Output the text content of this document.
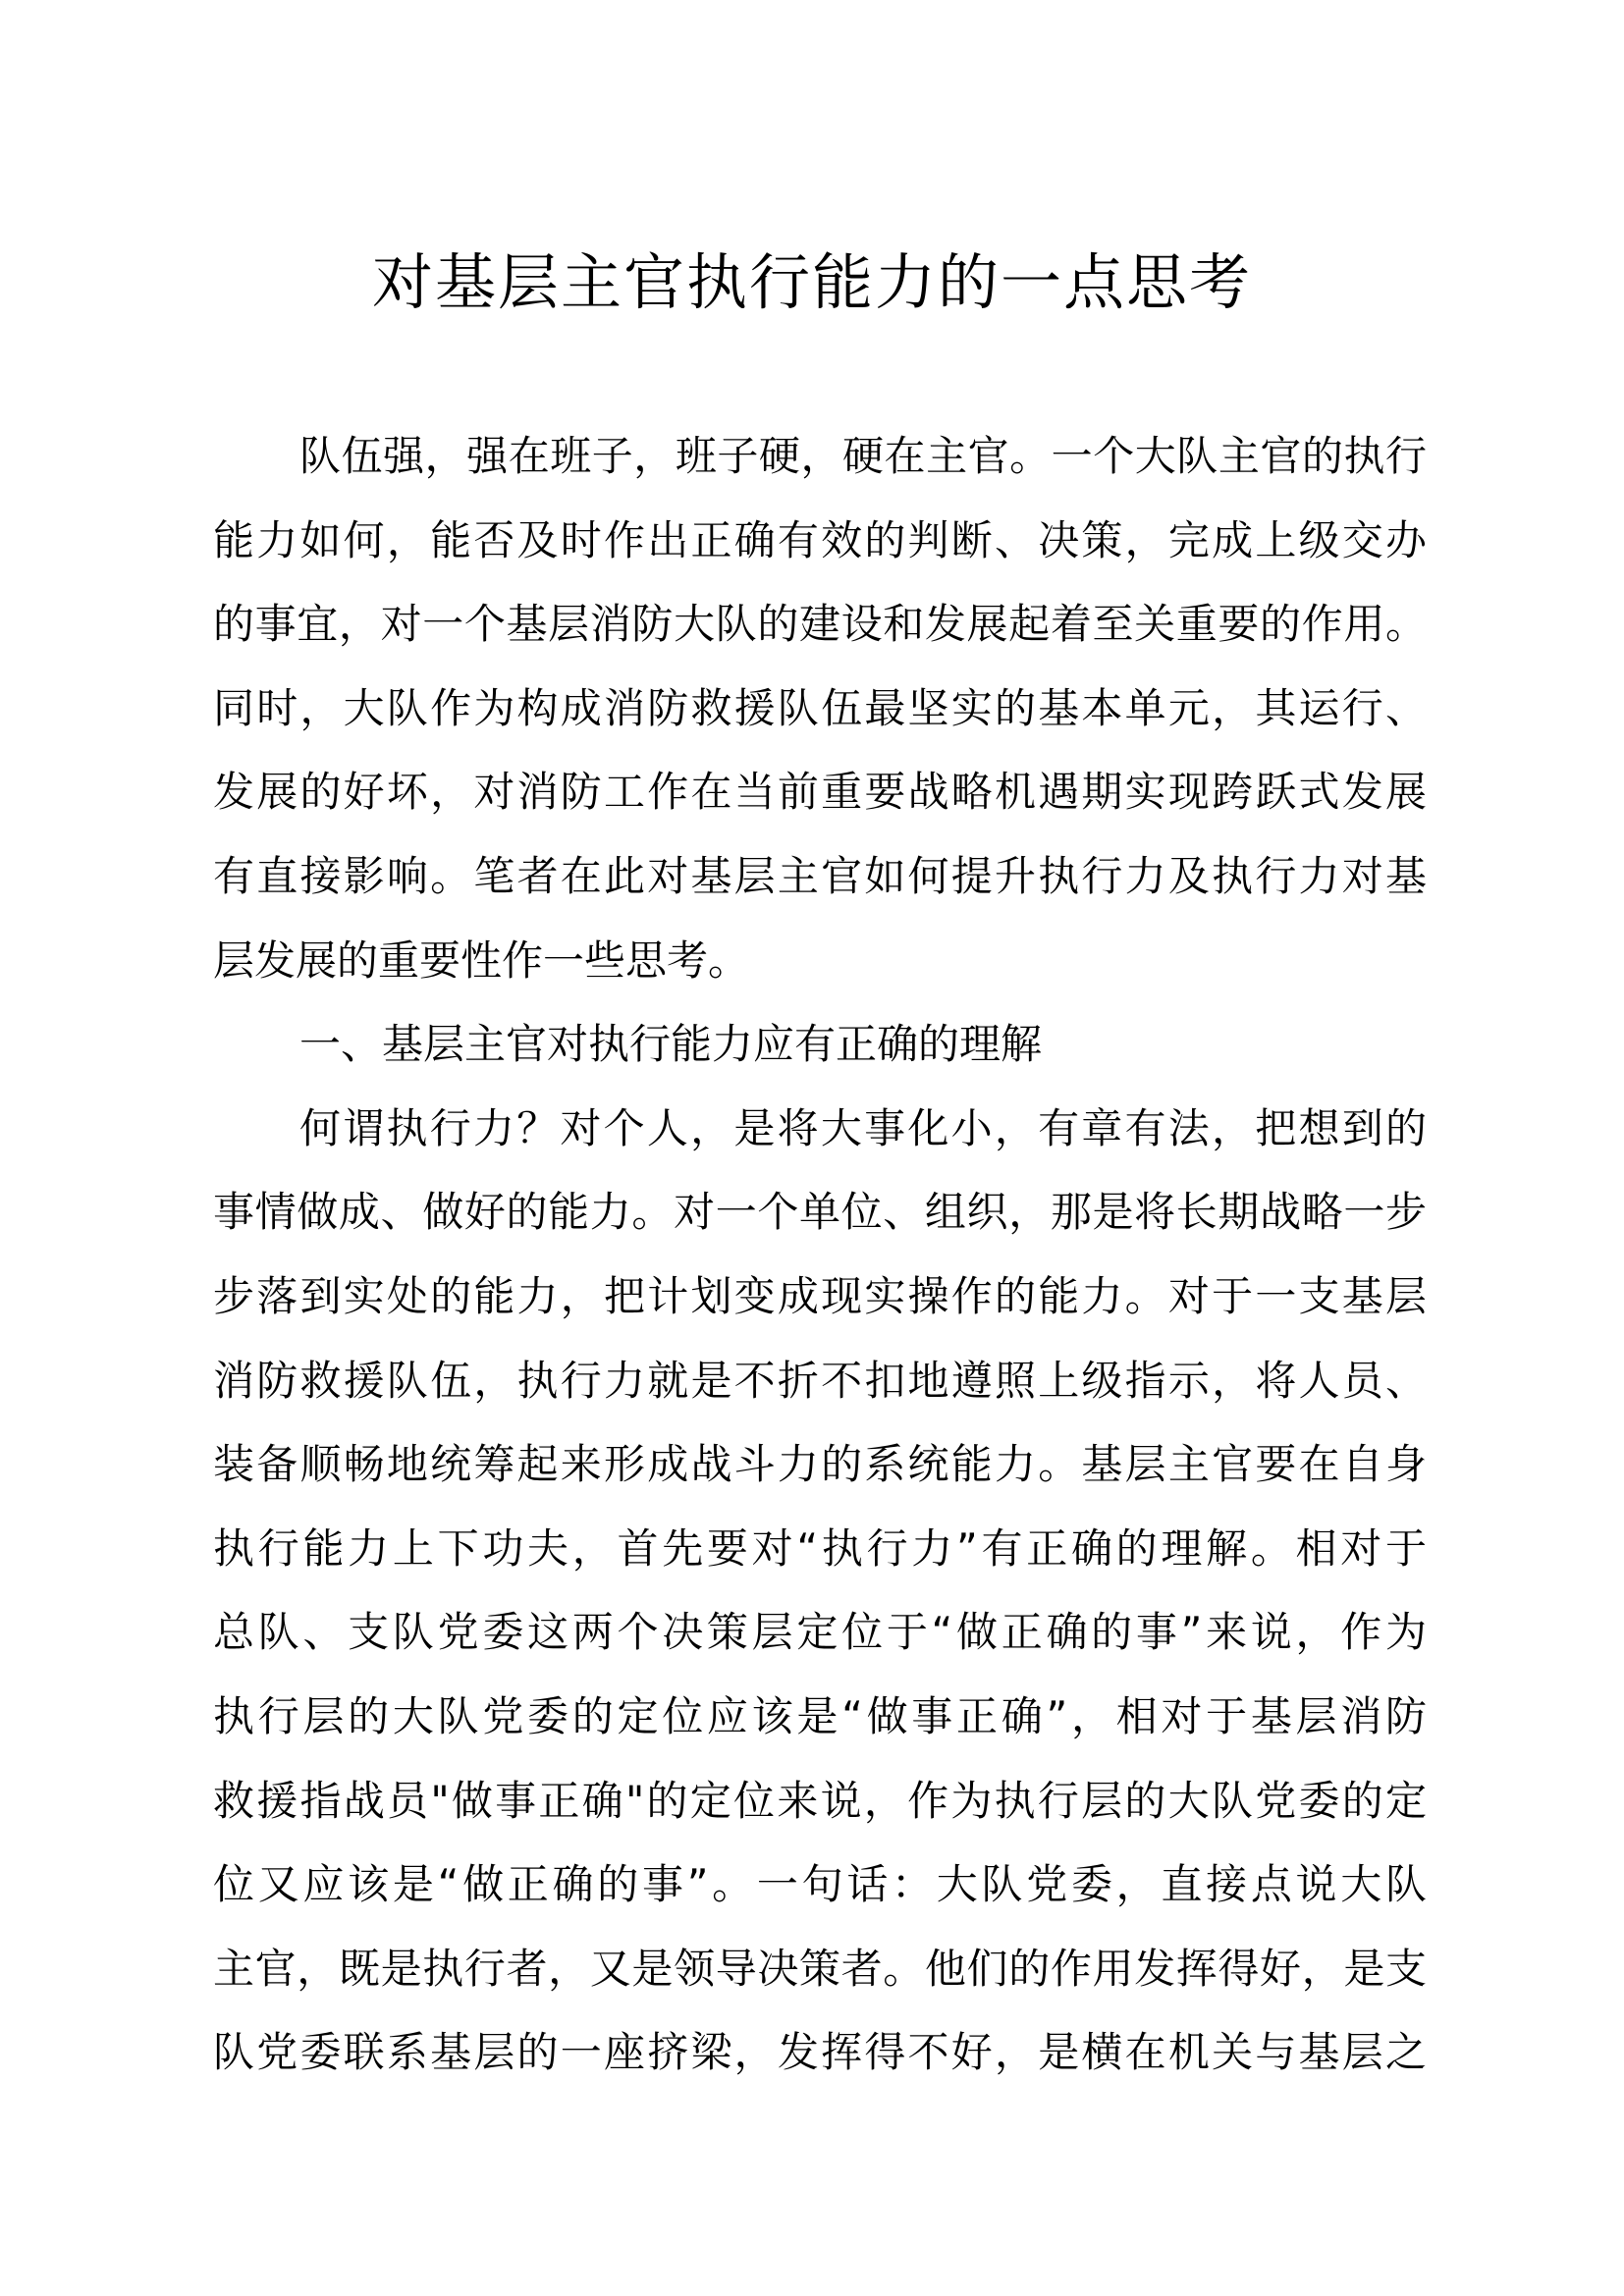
对基层主官执行能力的一点思考
队伍强，强在班子，班子硬，硬在主官。一个大队主官的执行
能力如何，能否及时作出正确有效的判断、决策，完成上级交办
的事宜，对一个基层消防大队的建设和发展起着至关重要的作用。
同时，大队作为构成消防救援队伍最坚实的基本单元，其运行、
发展的好坏，对消防工作在当前重要战略机遇期实现跨跃式发展
有直接影响。笔者在此对基层主官如何提升执行力及执行力对基
层发展的重要性作一些思考。
一、基层主官对执行能力应有正确的理解
何谓执行力？对个人，是将大事化小，有章有法，把想到的
事情做成、做好的能力。对一个单位、组织，那是将长期战略一步
步落到实处的能力，把计划变成现实操作的能力。对于一支基层
消防救援队伍，执行力就是不折不扣地遵照上级指示，将人员、
装备顺畅地统筹起来形成战斗力的系统能力。基层主官要在自身
执行能力上下功夫，首先要对“执行力”有正确的理解。相对于
总队、支队党委这两个决策层定位于“做正确的事”来说，作为
执行层的大队党委的定位应该是“做事正确”，相对于基层消防
救援指战员"做事正确"的定位来说，作为执行层的大队党委的定
位又应该是“做正确的事”。一句话：大队党委，直接点说大队
主官，既是执行者，又是领导决策者。他们的作用发挥得好，是支
队党委联系基层的一座挤梁，发挥得不好，是横在机关与基层之
